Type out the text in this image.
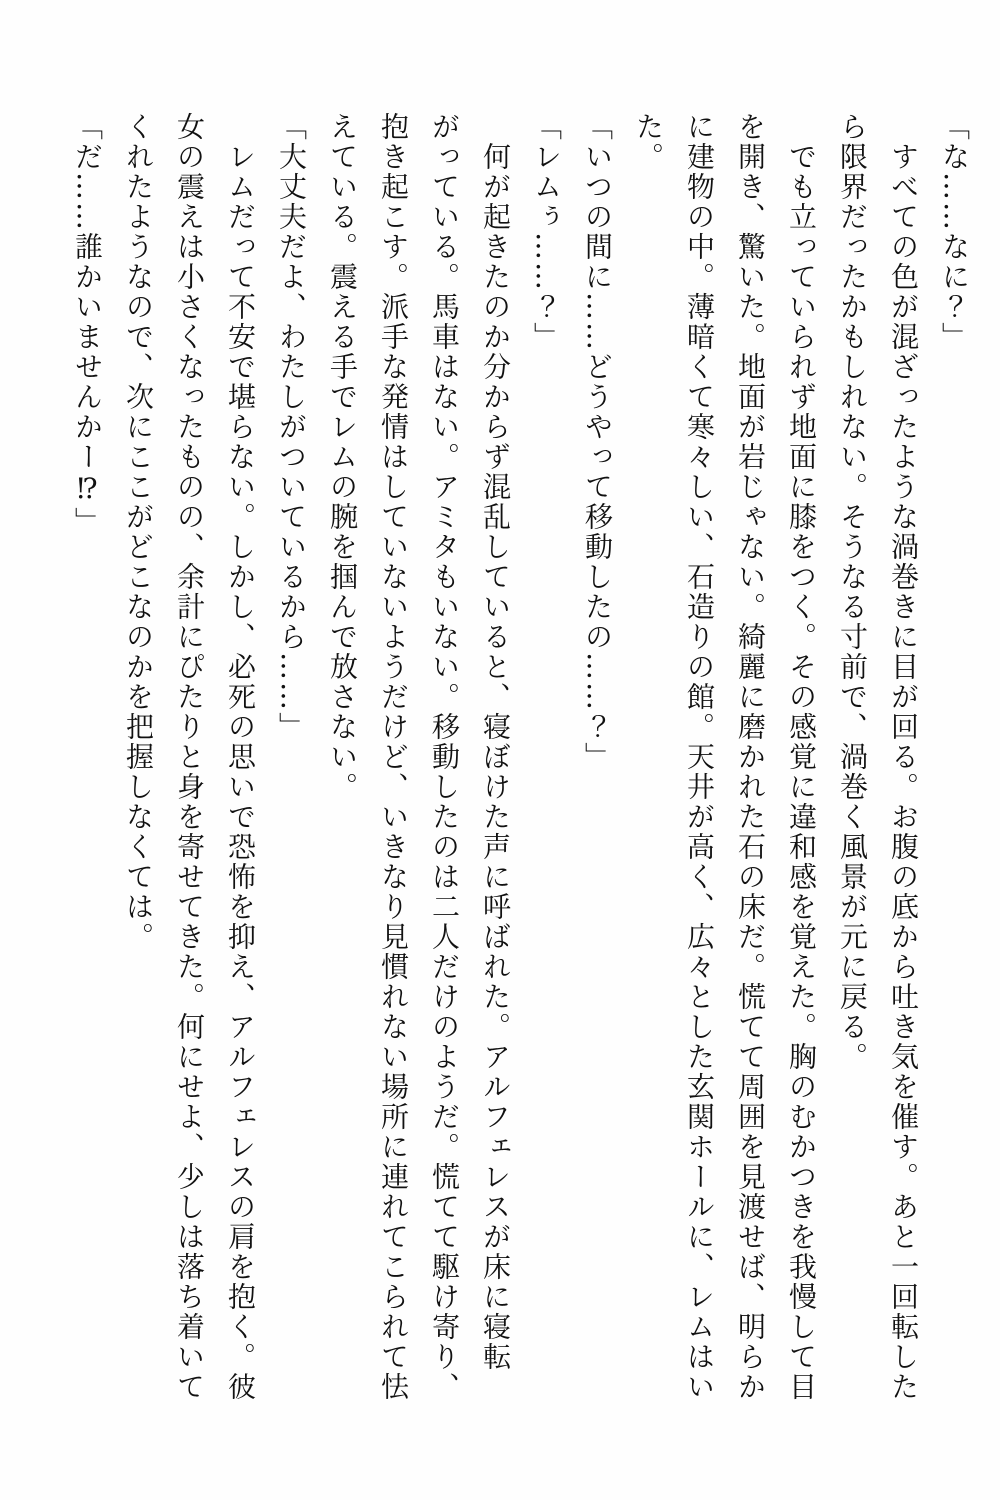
「な……なに？」
　すべての色が混ざったような渦巻きに目が回る。お腹の底から吐き気を催す。あと一回転した
ら限界だったかもしれない。そうなる寸前で、渦巻く風景が元に戻る。
　でも立っていられず地面に膝をつく。その感覚に違和感を覚えた。胸のむかつきを我慢して目
を開き、驚いた。地面が岩じゃない。綺麗に磨かれた石の床だ。慌てて周囲を見渡せば、明らか
に建物の中。薄暗くて寒々しい、石造りの館。天井が高く、広々とした玄関ホールに、レムはい
た。
「いつの間に……どうやって移動したの……？」
「レムぅ……？」
　何が起きたのか分からず混乱していると、寝ぼけた声に呼ばれた。アルフェレスが床に寝転
がっている。馬車はない。アミタもいない。移動したのは二人だけのようだ。慌てて駆け寄り、
抱き起こす。派手な発情はしていないようだけど、いきなり見慣れない場所に連れてこられて怯
えている。震える手でレムの腕を掴んで放さない。
「大丈夫だよ、わたしがついているから……」
　レムだって不安で堪らない。しかし、必死の思いで恐怖を抑え、アルフェレスの肩を抱く。彼
女の震えは小さくなったものの、余計にぴたりと身を寄せてきた。何にせよ、少しは落ち着いて
くれたようなので、次にここがどこなのかを把握しなくては。
「だ……誰かいませんかー⁉」
